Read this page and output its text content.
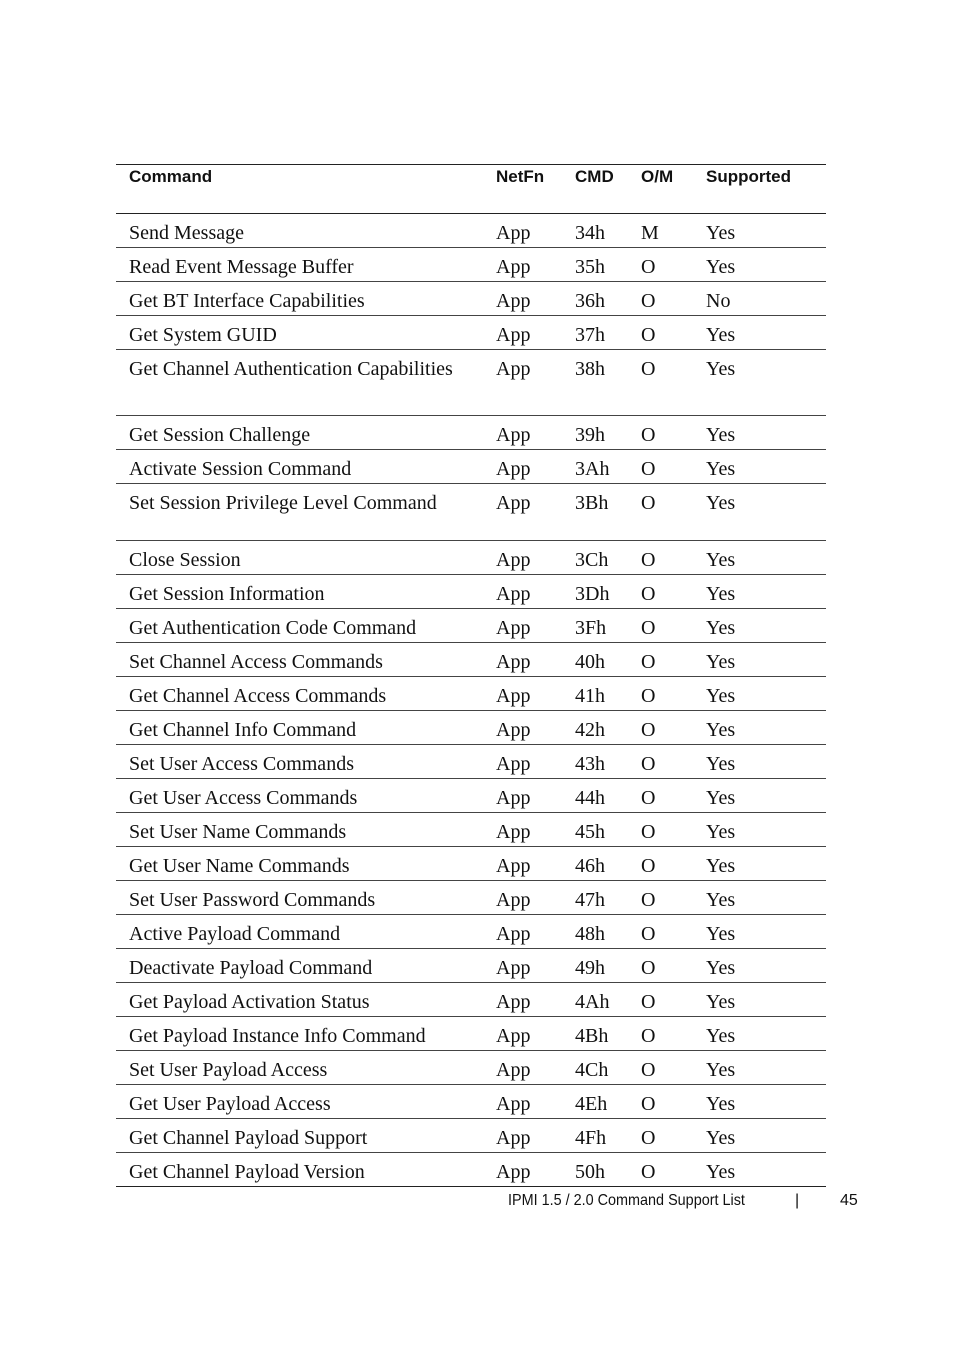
Command	NetFn	CMD	O/M	Supported
Send Message	App	34h	M	Yes
Read Event Message Buffer	App	35h	O	Yes
Get BT Interface Capabilities	App	36h	O	No
Get System GUID	App	37h	O	Yes
Get Channel Authentication Capabilities	App	38h	O	Yes
Get Session Challenge	App	39h	O	Yes
Activate Session Command	App	3Ah	O	Yes
Set Session Privilege Level Command	App	3Bh	O	Yes
Close Session	App	3Ch	O	Yes
Get Session Information	App	3Dh	O	Yes
Get Authentication Code Command	App	3Fh	O	Yes
Set Channel Access Commands	App	40h	O	Yes
Get Channel Access Commands	App	41h	O	Yes
Get Channel Info Command	App	42h	O	Yes
Set User Access Commands	App	43h	O	Yes
Get User Access Commands	App	44h	O	Yes
Set User Name Commands	App	45h	O	Yes
Get User Name Commands	App	46h	O	Yes
Set User Password Commands	App	47h	O	Yes
Active Payload Command	App	48h	O	Yes
Deactivate Payload Command	App	49h	O	Yes
Get Payload Activation Status	App	4Ah	O	Yes
Get Payload Instance Info Command	App	4Bh	O	Yes
Set User Payload Access	App	4Ch	O	Yes
Get User Payload Access	App	4Eh	O	Yes
Get Channel Payload Support	App	4Fh	O	Yes
Get Channel Payload Version	App	50h	O	Yes
IPMI 1.5 / 2.0 Command Support List	|	45
